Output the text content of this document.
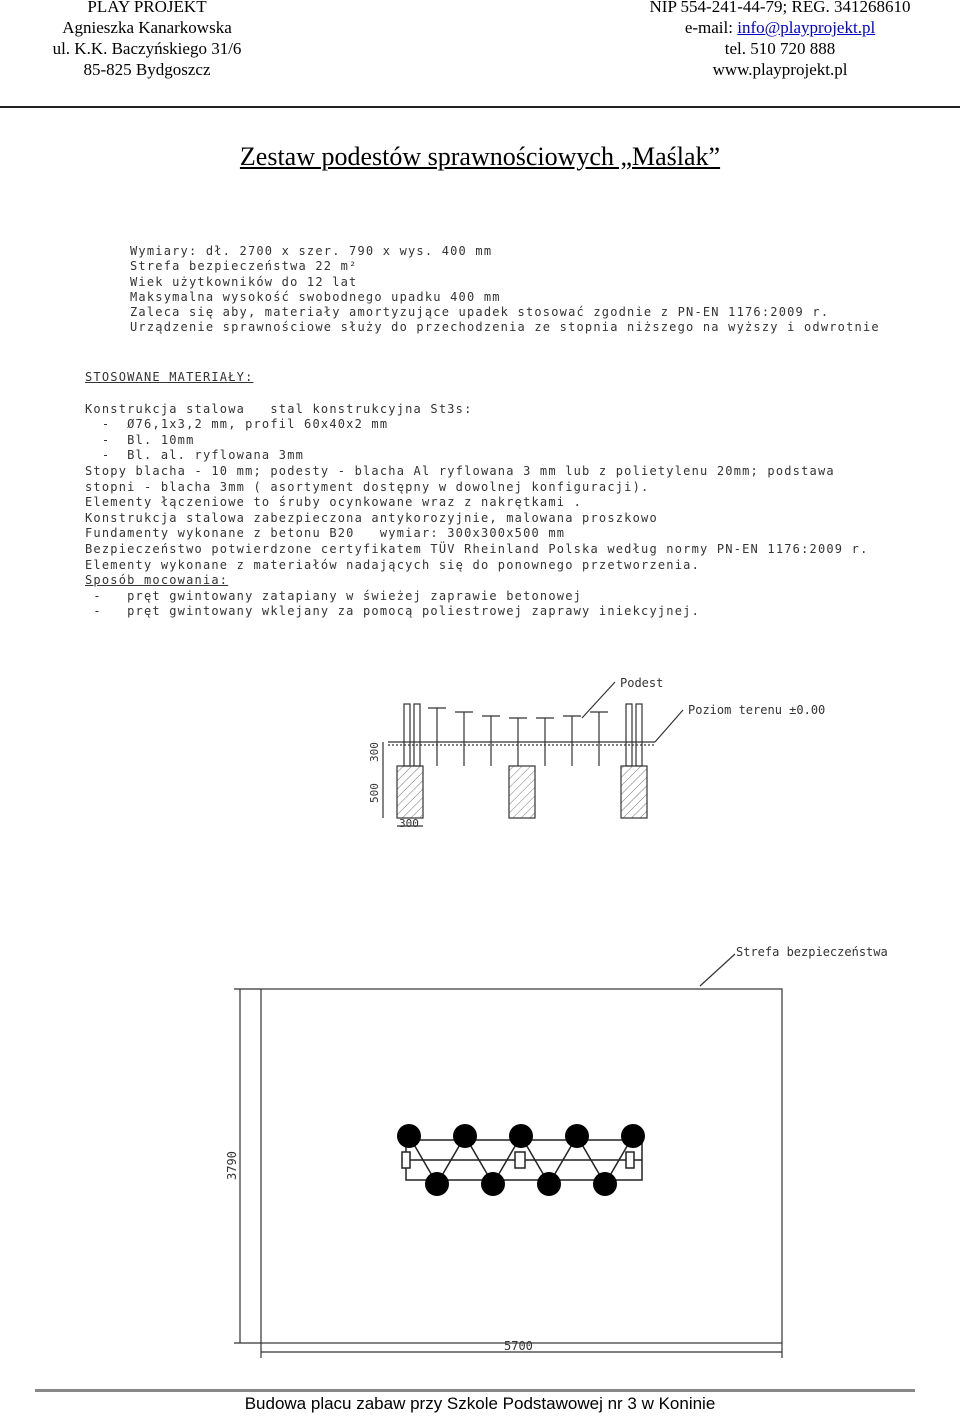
PLAY PROJEKT
Agnieszka Kanarkowska
ul. K.K. Baczyńskiego 31/6
85-825 Bydgoszcz
NIP 554-241-44-79; REG. 341268610
e-mail: info@playprojekt.pl
tel. 510 720 888
www.playprojekt.pl
Zestaw podestów sprawnościowych „Maślak”
Wymiary: dł. 2700 x szer. 790 x wys. 400 mm
Strefa bezpieczeństwa 22 m²
Wiek użytkowników do 12 lat
Maksymalna wysokość swobodnego upadku 400 mm
Zaleca się aby, materiały amortyzujące upadek stosować zgodnie z PN-EN 1176:2009 r.
Urządzenie sprawnościowe służy do przechodzenia ze stopnia niższego na wyższy i odwrotnie
STOSOWANE MATERIAŁY:
Konstrukcja stalowa   stal konstrukcyjna St3s:
-  Ø76,1x3,2 mm, profil 60x40x2 mm
-  Bl. 10mm
-  Bl. al. ryflowana 3mm
Stopy blacha - 10 mm; podesty - blacha Al ryflowana 3 mm lub z polietylenu 20mm; podstawa
stopni - blacha 3mm ( asortyment dostępny w dowolnej konfiguracji).
Elementy łączeniowe to śruby ocynkowane wraz z nakrętkami .
Konstrukcja stalowa zabezpieczona antykorozyjnie, malowana proszkowo
Fundamenty wykonane z betonu B20   wymiar: 300x300x500 mm
Bezpieczeństwo potwierdzone certyfikatem TÜV Rheinland Polska według normy PN-EN 1176:2009 r.
Elementy wykonane z materiałów nadających się do ponownego przetworzenia.
Sposób mocowania:
-   pręt gwintowany zatapiany w świeżej zaprawie betonowej
-   pręt gwintowany wklejany za pomocą poliestrowej zaprawy iniekcyjnej.
Podest
Poziom terenu ±0.00
300
500
300
Strefa bezpieczeństwa
3790
5700
Budowa placu zabaw przy Szkole Podstawowej nr 3 w Koninie
